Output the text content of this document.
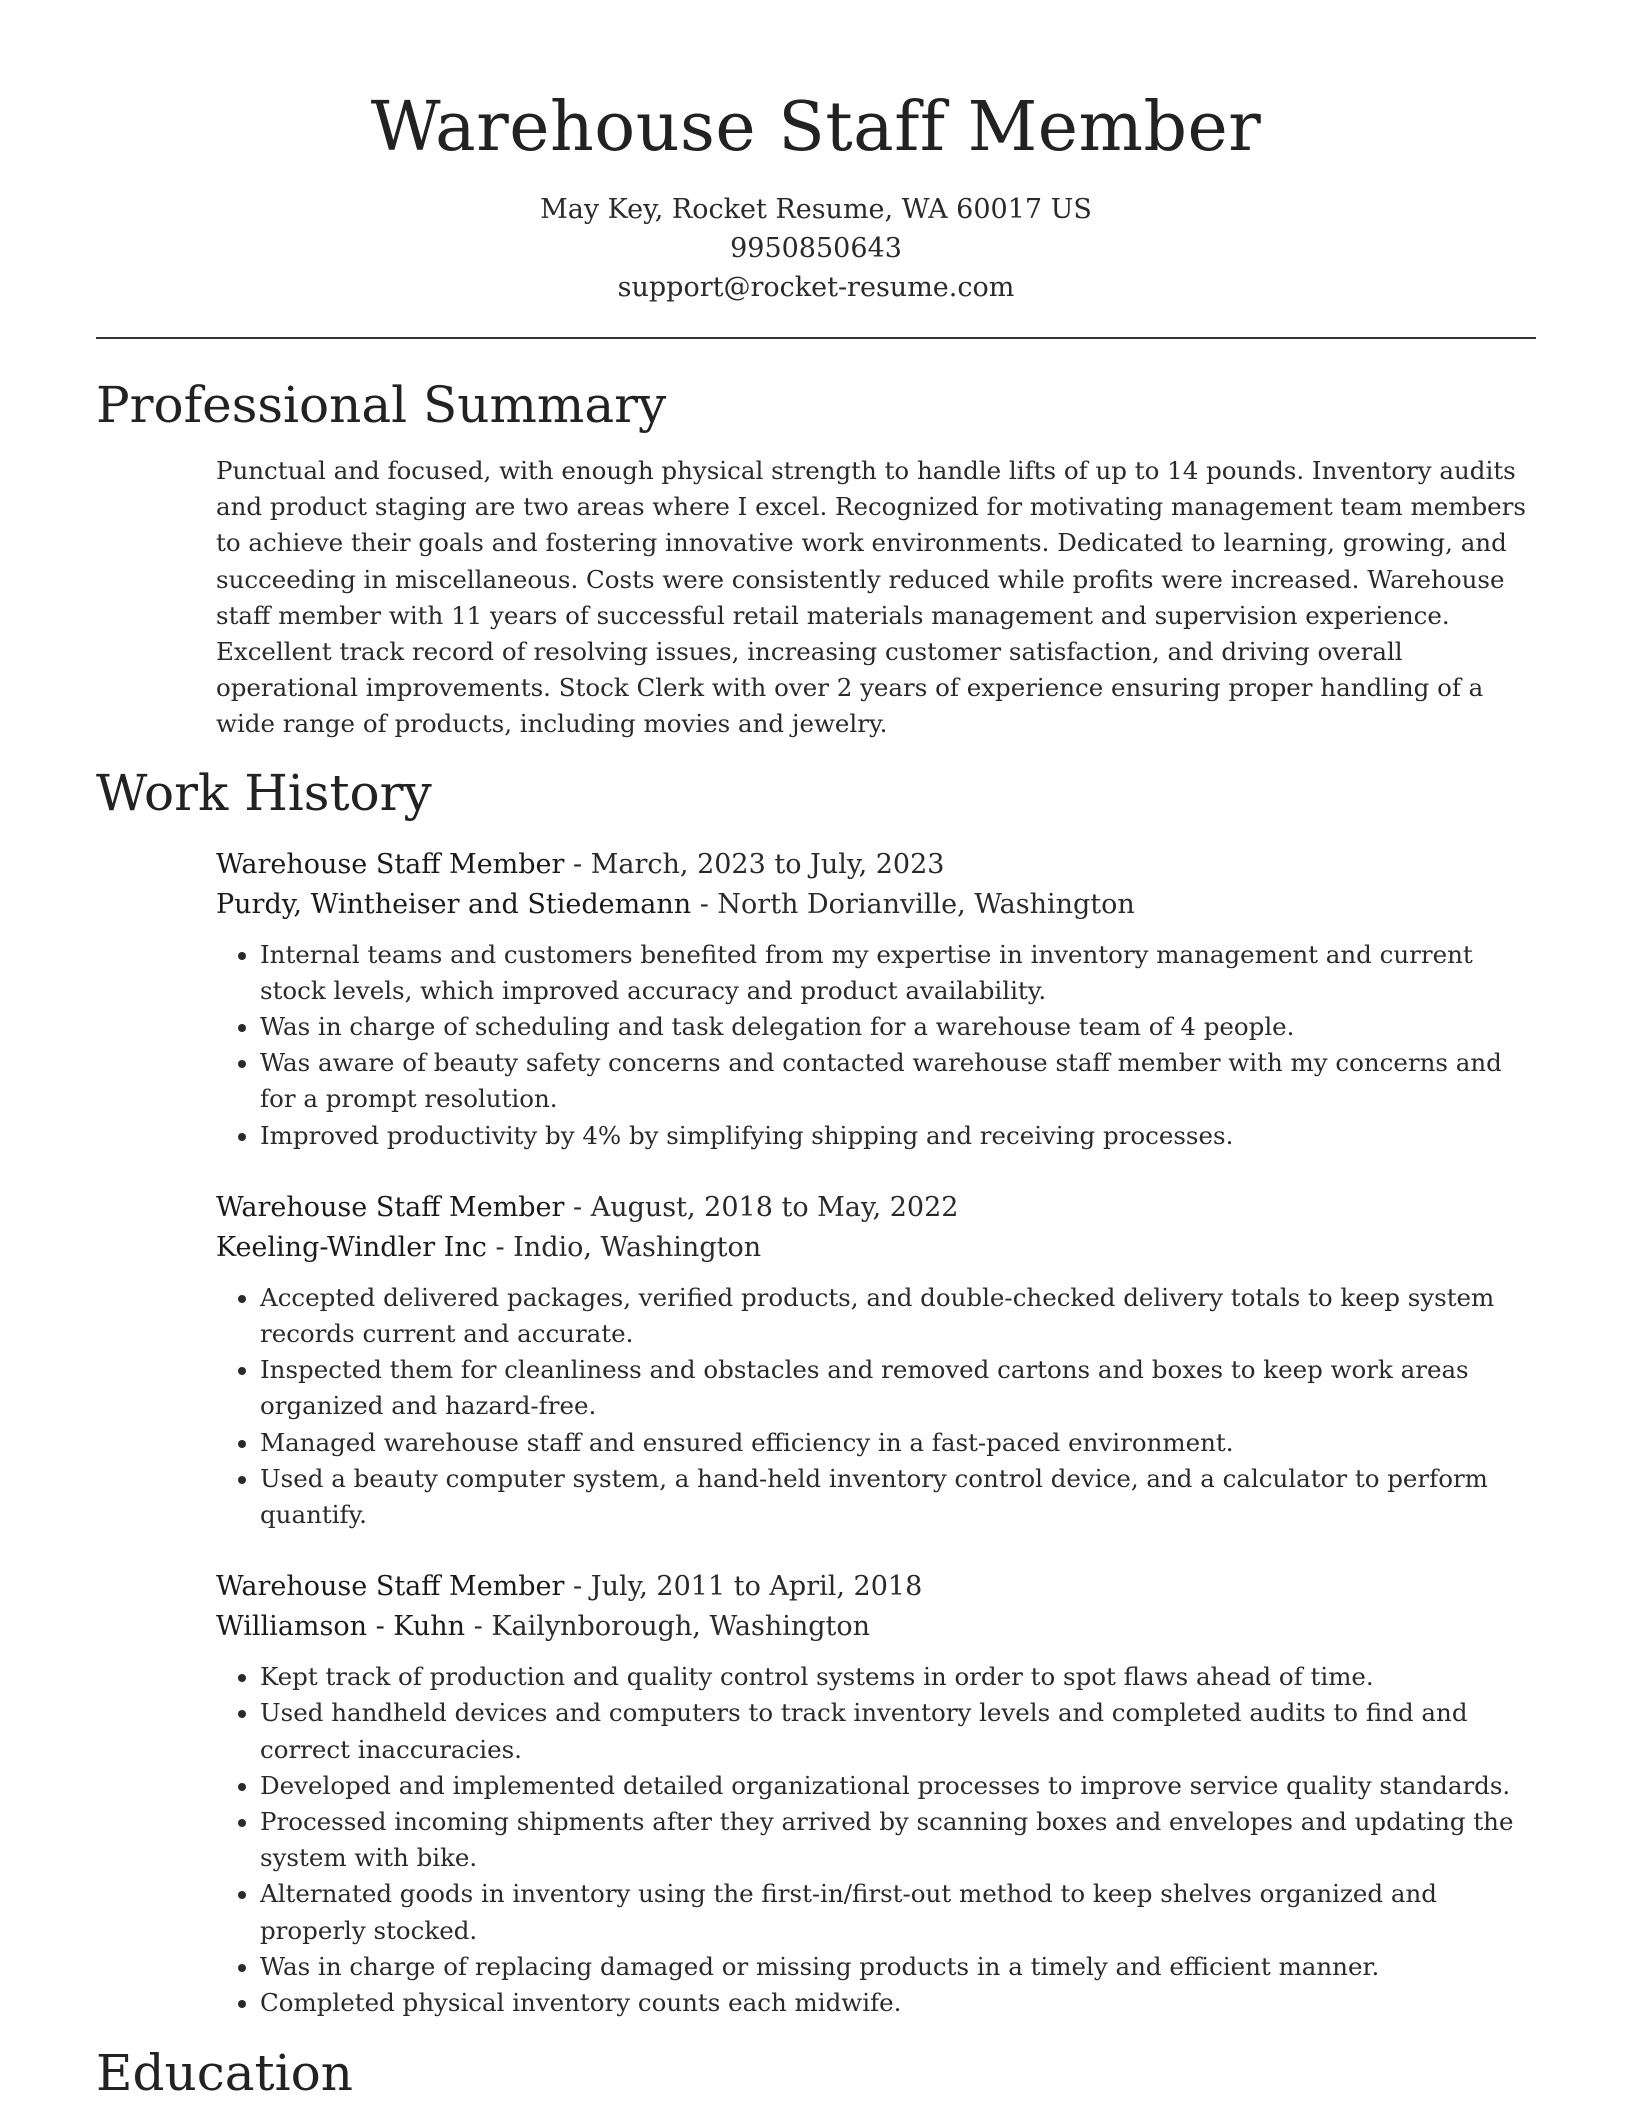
Warehouse Staff Member
May Key, Rocket Resume, WA 60017 US
9950850643
support@rocket-resume.com
Professional Summary
Punctual and focused, with enough physical strength to handle lifts of up to 14 pounds. Inventory audits and product staging are two areas where I excel. Recognized for motivating management team members to achieve their goals and fostering innovative work environments. Dedicated to learning, growing, and succeeding in miscellaneous. Costs were consistently reduced while profits were increased. Warehouse staff member with 11 years of successful retail materials management and supervision experience. Excellent track record of resolving issues, increasing customer satisfaction, and driving overall operational improvements. Stock Clerk with over 2 years of experience ensuring proper handling of a wide range of products, including movies and jewelry.
Work History
Warehouse Staff Member - March, 2023 to July, 2023
Purdy, Wintheiser and Stiedemann - North Dorianville, Washington
• Internal teams and customers benefited from my expertise in inventory management and current stock levels, which improved accuracy and product availability.
• Was in charge of scheduling and task delegation for a warehouse team of 4 people.
• Was aware of beauty safety concerns and contacted warehouse staff member with my concerns and for a prompt resolution.
• Improved productivity by 4% by simplifying shipping and receiving processes.
Warehouse Staff Member - August, 2018 to May, 2022
Keeling-Windler Inc - Indio, Washington
• Accepted delivered packages, verified products, and double-checked delivery totals to keep system records current and accurate.
• Inspected them for cleanliness and obstacles and removed cartons and boxes to keep work areas organized and hazard-free.
• Managed warehouse staff and ensured efficiency in a fast-paced environment.
• Used a beauty computer system, a hand-held inventory control device, and a calculator to perform quantify.
Warehouse Staff Member - July, 2011 to April, 2018
Williamson - Kuhn - Kailynborough, Washington
• Kept track of production and quality control systems in order to spot flaws ahead of time.
• Used handheld devices and computers to track inventory levels and completed audits to find and correct inaccuracies.
• Developed and implemented detailed organizational processes to improve service quality standards.
• Processed incoming shipments after they arrived by scanning boxes and envelopes and updating the system with bike.
• Alternated goods in inventory using the first-in/first-out method to keep shelves organized and properly stocked.
• Was in charge of replacing damaged or missing products in a timely and efficient manner.
• Completed physical inventory counts each midwife.
Education
